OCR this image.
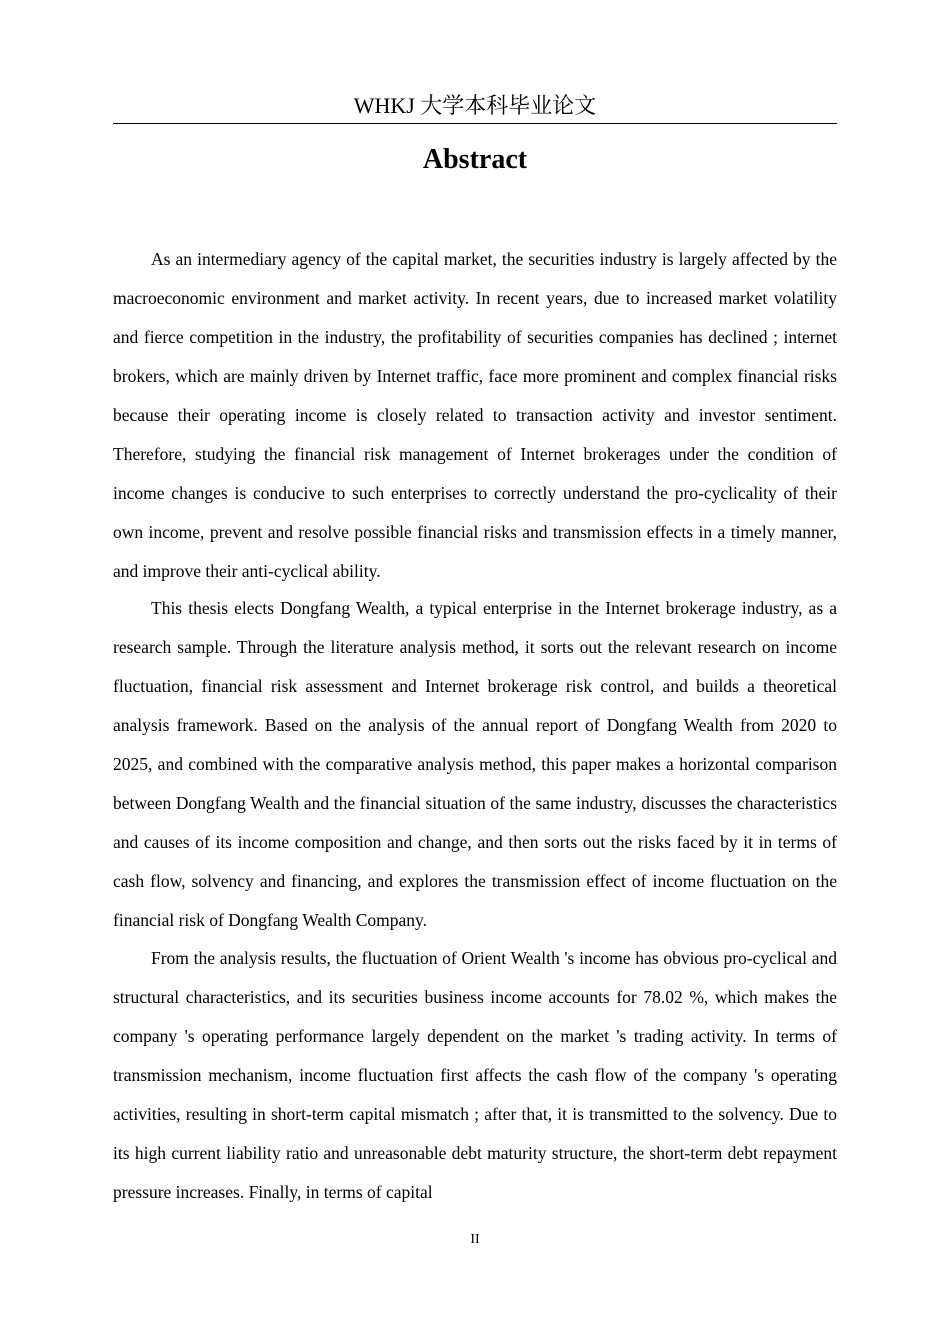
WHKJ 大学本科毕业论文
Abstract

As an intermediary agency of the capital market, the securities industry is largely affected by the macroeconomic environment and market activity. In recent years, due to increased market volatility and fierce competition in the industry, the profitability of securities companies has declined ; internet brokers, which are mainly driven by Internet traffic, face more prominent and complex financial risks because their operating income is closely related to transaction activity and investor sentiment. Therefore, studying the financial risk management of Internet brokerages under the condition of income changes is conducive to such enterprises to correctly understand the pro-cyclicality of their own income, prevent and resolve possible financial risks and transmission effects in a timely manner, and improve their anti-cyclical ability.

This thesis elects Dongfang Wealth, a typical enterprise in the Internet brokerage industry, as a research sample. Through the literature analysis method, it sorts out the relevant research on income fluctuation, financial risk assessment and Internet brokerage risk control, and builds a theoretical analysis framework. Based on the analysis of the annual report of Dongfang Wealth from 2020 to 2025, and combined with the comparative analysis method, this paper makes a horizontal comparison between Dongfang Wealth and the financial situation of the same industry, discusses the characteristics and causes of its income composition and change, and then sorts out the risks faced by it in terms of cash flow, solvency and financing, and explores the transmission effect of income fluctuation on the financial risk of Dongfang Wealth Company.

From the analysis results, the fluctuation of Orient Wealth 's income has obvious pro-cyclical and structural characteristics, and its securities business income accounts for 78.02 %, which makes the company 's operating performance largely dependent on the market 's trading activity. In terms of transmission mechanism, income fluctuation first affects the cash flow of the company 's operating activities, resulting in short-term capital mismatch ; after that, it is transmitted to the solvency. Due to its high current liability ratio and unreasonable debt maturity structure, the short-term debt repayment pressure increases. Finally, in terms of capital

II
